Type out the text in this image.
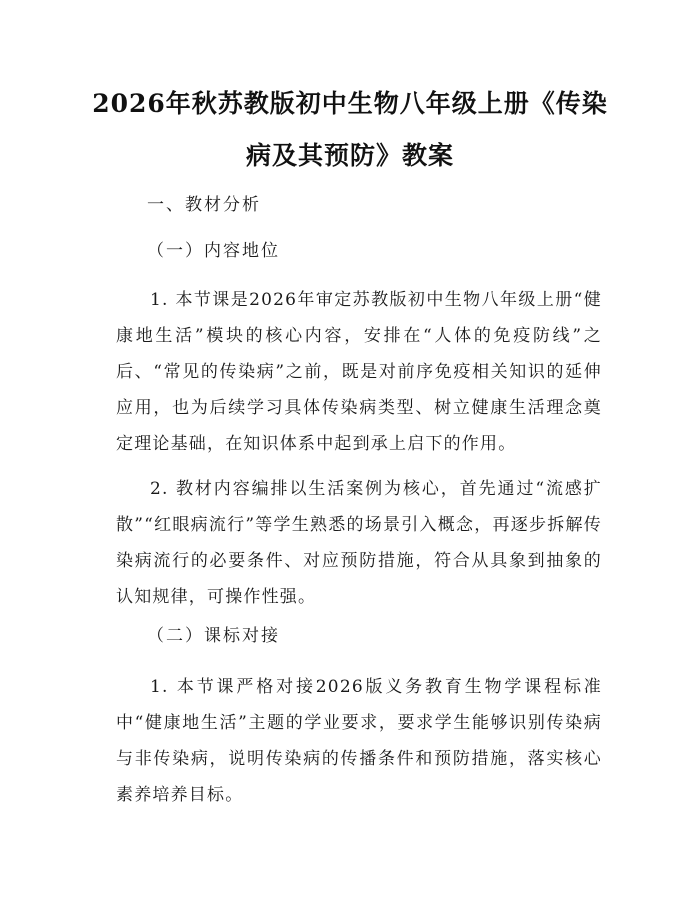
2026年秋苏教版初中生物八年级上册《传染病及其预防》教案
一、教材分析
（一）内容地位

1. 本节课是2026年审定苏教版初中生物八年级上册“健康地生活”模块的核心内容，安排在“人体的免疫防线”之后、“常见的传染病”之前，既是对前序免疫相关知识的延伸应用，也为后续学习具体传染病类型、树立健康生活理念奠定理论基础，在知识体系中起到承上启下的作用。

2. 教材内容编排以生活案例为核心，首先通过“流感扩散”“红眼病流行”等学生熟悉的场景引入概念，再逐步拆解传染病流行的必要条件、对应预防措施，符合从具象到抽象的认知规律，可操作性强。

（二）课标对接

1. 本节课严格对接2026版义务教育生物学课程标准中“健康地生活”主题的学业要求，要求学生能够识别传染病与非传染病，说明传染病的传播条件和预防措施，落实核心素养培养目标。
